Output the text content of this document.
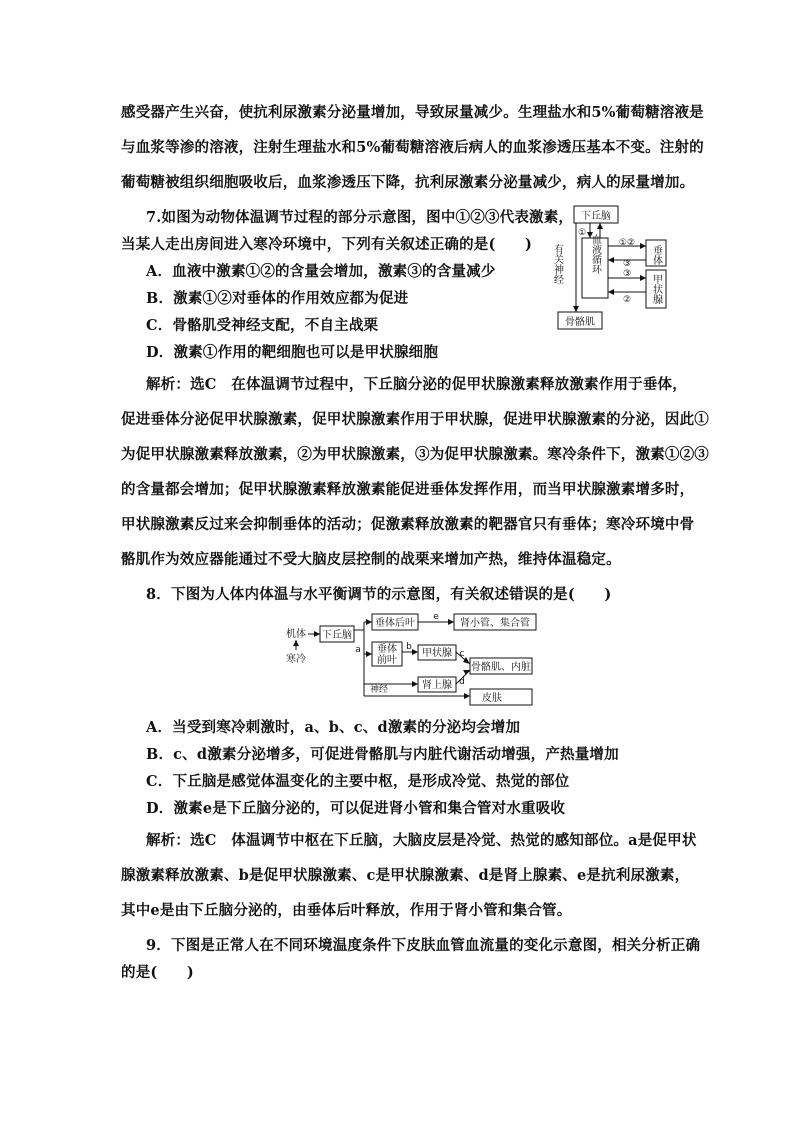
感受器产生兴奋，使抗利尿激素分泌量增加，导致尿量减少。生理盐水和5%葡萄糖溶液是
与血浆等渗的溶液，注射生理盐水和5%葡萄糖溶液后病人的血浆渗透压基本不变。注射的
葡萄糖被组织细胞吸收后，血浆渗透压下降，抗利尿激素分泌量减少，病人的尿量增加。
7.如图为动物体温调节过程的部分示意图，图中①②③代表激素，
当某人走出房间进入寒冷环境中，下列有关叙述正确的是(　　)
A．血液中激素①②的含量会增加，激素③的含量减少
B．激素①②对垂体的作用效应都为促进
C．骨骼肌受神经支配，不自主战栗
D．激素①作用的靶细胞也可以是甲状腺细胞
下丘脑
血液循环	垂体
甲状腺
骨骼肌
有关神经
①
①②
③
③
②
解析：选C　在体温调节过程中，下丘脑分泌的促甲状腺激素释放激素作用于垂体，
促进垂体分泌促甲状腺激素，促甲状腺激素作用于甲状腺，促进甲状腺激素的分泌，因此①
为促甲状腺激素释放激素，②为甲状腺激素，③为促甲状腺激素。寒冷条件下，激素①②③
的含量都会增加；促甲状腺激素释放激素能促进垂体发挥作用，而当甲状腺激素增多时，
甲状腺激素反过来会抑制垂体的活动；促激素释放激素的靶器官只有垂体；寒冷环境中骨
骼肌作为效应器能通过不受大脑皮层控制的战栗来增加产热，维持体温稳定。
8．下图为人体内体温与水平衡调节的示意图，有关叙述错误的是(　　)
机体
寒冷
下丘脑
垂体后叶
垂体
前叶
甲状腺
肾上腺
肾小管、集合管
骨骼肌、内脏
皮肤
神经
a	b
c
d
e
A．当受到寒冷刺激时，a、b、c、d激素的分泌均会增加
B．c、d激素分泌增多，可促进骨骼肌与内脏代谢活动增强，产热量增加
C．下丘脑是感觉体温变化的主要中枢，是形成冷觉、热觉的部位
D．激素e是下丘脑分泌的，可以促进肾小管和集合管对水重吸收
解析：选C　体温调节中枢在下丘脑，大脑皮层是冷觉、热觉的感知部位。a是促甲状
腺激素释放激素、b是促甲状腺激素、c是甲状腺激素、d是肾上腺素、e是抗利尿激素，
其中e是由下丘脑分泌的，由垂体后叶释放，作用于肾小管和集合管。
9．下图是正常人在不同环境温度条件下皮肤血管血流量的变化示意图，相关分析正确
的是(　　)
